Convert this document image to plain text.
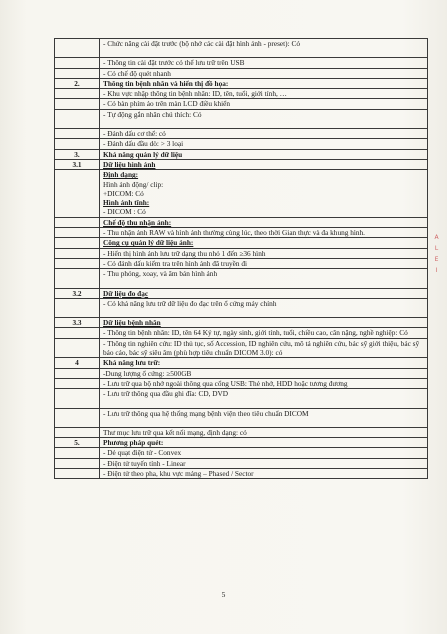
	- Chức năng cài đặt trước (bộ nhớ các cài đặt hình ảnh - preset): Có

	- Thông tin cài đặt trước có thể lưu trữ trên USB

	- Có chế độ quét nhanh

2.	Thông tin bệnh nhân và hiển thị đồ họa:

	- Khu vực nhập thông tin bệnh nhân: ID, tên, tuổi, giới tính, …

	- Có bàn phím ảo trên màn LCD điều khiển

	- Tự động gắn nhãn chú thích: Có

	- Đánh dấu cơ thể: có

	- Đánh dấu đầu dò: > 3 loại

3.	Khả năng quản lý dữ liệu

3.1	Dữ liệu hình ảnh

	Định dạng:
Hình ảnh động/ clip:
+DICOM: Có
Hình ảnh tĩnh:
- DICOM : Có

	Chế độ thu nhận ảnh:

	- Thu nhận ảnh RAW và hình ảnh thường cùng lúc, theo thời Gian thực và đa khung hình.

	Công cụ quản lý dữ liệu ảnh:

	- Hiển thị hình ảnh lưu trữ dạng thu nhỏ 1 đến ≥36 hình

	- Có đánh dấu kiểm tra trên hình ảnh đã truyền đi

	- Thu phóng, xoay, và âm bản hình ảnh

3.2	Dữ liệu đo đạc

	- Có khả năng lưu trữ dữ liệu đo đạc trên ổ cứng máy chính

3.3	Dữ liệu bệnh nhân

	- Thông tin bệnh nhân: ID, tên 64 Ký tự, ngày sinh, giới tính, tuổi, chiều cao, cân nặng, nghề nghiệp: Có

	- Thông tin nghiên cứu: ID thủ tục, số Accession, ID nghiên cứu, mô tả nghiên cứu, bác sỹ giới thiệu, bác sỹ báo cáo, bác sỹ siêu âm (phù hợp tiêu chuẩn DICOM 3.0): có

4	Khả năng lưu trữ:

	-Dung lượng ổ cứng: ≥500GB

	- Lưu trữ qua bộ nhớ ngoài thông qua cổng USB: Thẻ nhớ, HDD hoặc tương đương

	- Lưu trữ thông qua đầu ghi đĩa: CD, DVD

	- Lưu trữ thông qua hệ thống mạng bệnh viện theo tiêu chuẩn DICOM

	Thư mục lưu trữ qua kết nối mạng, định dạng: có

5.	Phương pháp quét:

	- Dẻ quạt điện tử - Convex

	- Điện tử tuyến tính - Linear

	- Điện tử theo pha, khu vực mảng – Phased / Sector
5
A
L
E
I
